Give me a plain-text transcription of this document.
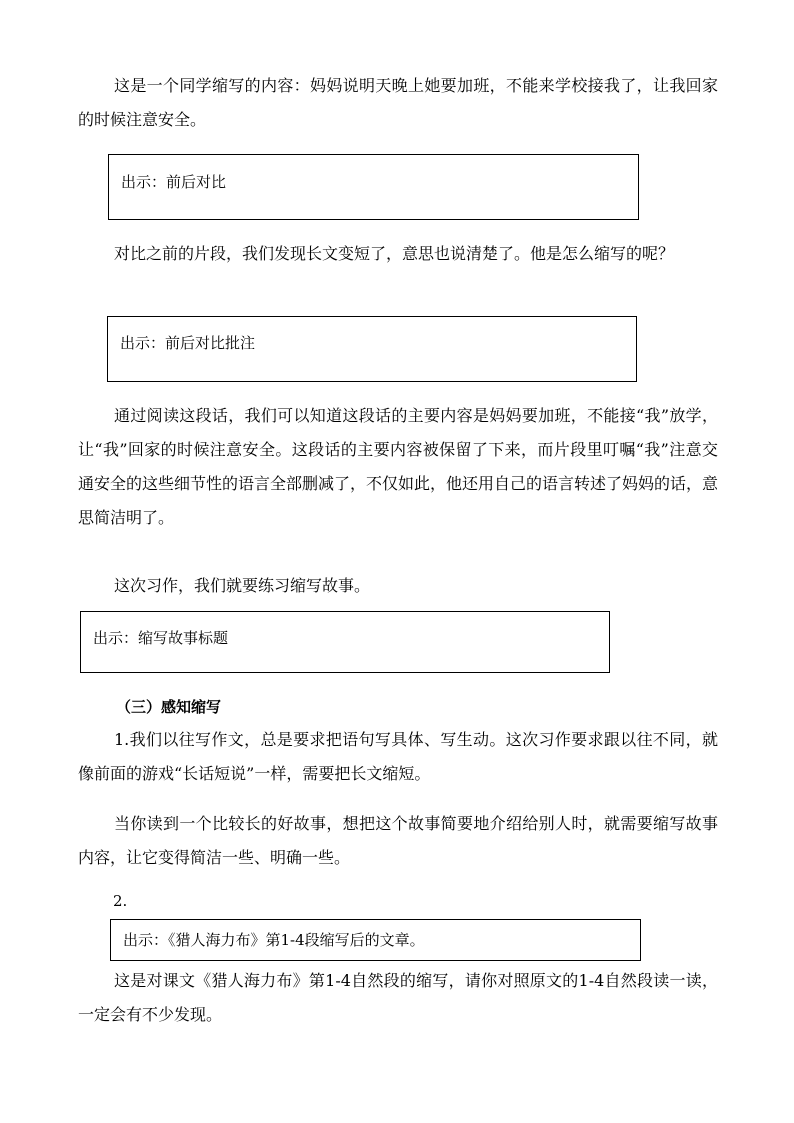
这是一个同学缩写的内容：妈妈说明天晚上她要加班，不能来学校接我了，让我回家的时候注意安全。

出示：前后对比

对比之前的片段，我们发现长文变短了，意思也说清楚了。他是怎么缩写的呢？

出示：前后对比批注

通过阅读这段话，我们可以知道这段话的主要内容是妈妈要加班，不能接“我”放学，让“我”回家的时候注意安全。这段话的主要内容被保留了下来，而片段里叮嘱“我”注意交通安全的这些细节性的语言全部删减了，不仅如此，他还用自己的语言转述了妈妈的话，意思简洁明了。

这次习作，我们就要练习缩写故事。

出示：缩写故事标题

（三）感知缩写

1.我们以往写作文，总是要求把语句写具体、写生动。这次习作要求跟以往不同，就像前面的游戏“长话短说”一样，需要把长文缩短。

当你读到一个比较长的好故事，想把这个故事简要地介绍给别人时，就需要缩写故事内容，让它变得简洁一些、明确一些。

2.

出示：《猎人海力布》第1-4段缩写后的文章。

这是对课文《猎人海力布》第1-4自然段的缩写，请你对照原文的1-4自然段读一读，一定会有不少发现。
